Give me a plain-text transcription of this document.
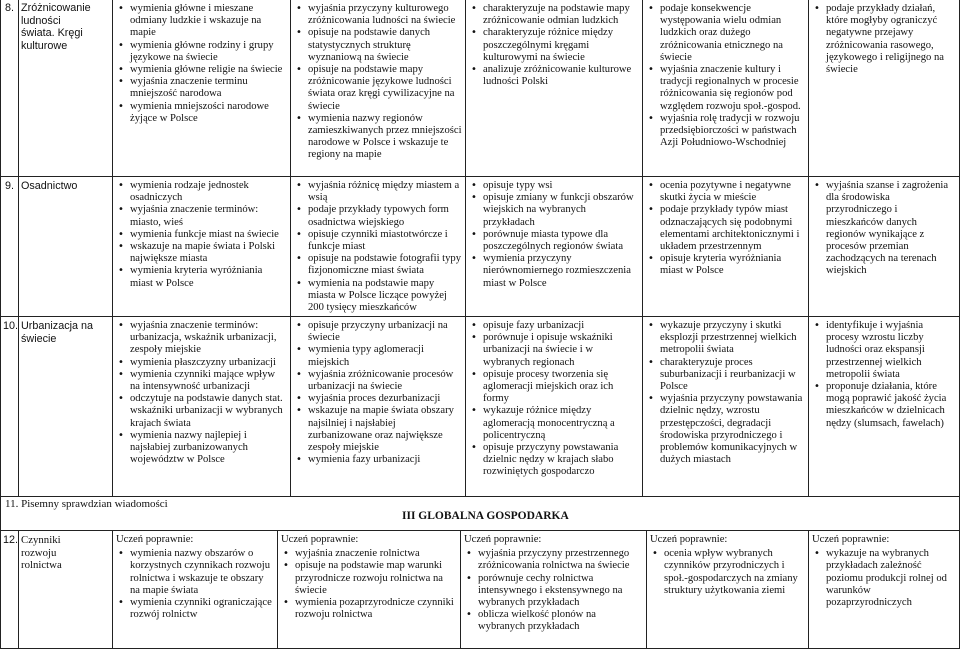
8. Zróżnicowanie ludności
świata. Kręgi
kulturowe
• wymienia główne i mieszane odmiany ludzkie i wskazuje na mapie
• wymienia główne rodziny i grupy językowe na świecie
• wymienia główne religie na świecie
• wyjaśnia znaczenie terminu mniejszość narodowa
• wymienia mniejszości narodowe żyjące w Polsce
• wyjaśnia przyczyny kulturowego zróżnicowania ludności na świecie
• opisuje na podstawie danych statystycznych strukturę wyznaniową na świecie
• opisuje na podstawie mapy zróżnicowanie językowe ludności świata oraz kręgi cywilizacyjne na świecie
• wymienia nazwy regionów zamieszkiwanych przez mniejszości narodowe w Polsce i wskazuje te regiony na mapie
• charakteryzuje na podstawie mapy zróżnicowanie odmian ludzkich
• charakteryzuje różnice między poszczególnymi kręgami kulturowymi na świecie
• analizuje zróżnicowanie kulturowe ludności Polski
• podaje konsekwencje występowania wielu odmian ludzkich oraz dużego zróżnicowania etnicznego na świecie
• wyjaśnia znaczenie kultury i tradycji regionalnych w procesie różnicowania się regionów pod względem rozwoju społ.-gospod.
• wyjaśnia rolę tradycji w rozwoju przedsiębiorczości w państwach Azji Południowo-Wschodniej
• podaje przykłady działań, które mogłyby ograniczyć negatywne przejawy zróżnicowania rasowego, językowego i religijnego na świecie
9. Osadnictwo
•	wymienia rodzaje jednostek osadniczych
• wyjaśnia znaczenie terminów: miasto, wieś
• wymienia funkcje miast na świecie
• wskazuje na mapie świata i Polski największe miasta
• wymienia kryteria wyróżniania miast w Polsce
• wyjaśnia różnicę między miastem a wsią
• podaje przykłady typowych form osadnictwa wiejskiego
• opisuje czynniki miastotwórcze i funkcje miast
• opisuje na podstawie fotografii typy fizjonomiczne miast świata
• wymienia na podstawie mapy miasta w Polsce liczące powyżej 200 tysięcy mieszkańców
• opisuje typy wsi
• opisuje zmiany w funkcji obszarów wiejskich na wybranych przykładach
• porównuje miasta typowe dla poszczególnych regionów świata
• wymienia przyczyny nierównomiernego rozmieszczenia miast w Polsce
• ocenia pozytywne i negatywne skutki życia w mieście
• podaje przykłady typów miast odznaczających się podobnymi elementami architektonicznymi i układem przestrzennym
• opisuje kryteria wyróżniania miast w Polsce
• wyjaśnia szanse i zagrożenia dla środowiska przyrodniczego i mieszkańców danych regionów wynikające z procesów przemian zachodzących na terenach wiejskich
10. Urbanizacja na
świecie
• wyjaśnia znaczenie terminów: urbanizacja, wskaźnik urbanizacji, zespoły miejskie
• wymienia płaszczyzny urbanizacji
• wymienia czynniki mające wpływ na intensywność urbanizacji
• odczytuje na podstawie danych stat. wskaźniki urbanizacji w wybranych krajach świata
• wymienia nazwy najlepiej i najsłabiej zurbanizowanych województw w Polsce
• opisuje przyczyny urbanizacji na świecie
• wymienia typy aglomeracji miejskich
• wyjaśnia zróżnicowanie procesów urbanizacji na świecie
• wyjaśnia proces dezurbanizacji
• wskazuje na mapie świata obszary najsilniej i najsłabiej zurbanizowane oraz największe zespoły miejskie
• wymienia fazy urbanizacji
• opisuje fazy urbanizacji
• porównuje i opisuje wskaźniki urbanizacji na świecie i w wybranych regionach
• opisuje procesy tworzenia się aglomeracji miejskich oraz ich formy
• wykazuje różnice między aglomeracją monocentryczną a policentryczną
• opisuje przyczyny powstawania dzielnic nędzy w krajach słabo rozwiniętych gospodarczo
• wykazuje przyczyny i skutki eksplozji przestrzennej wielkich metropolii świata
• charakteryzuje proces suburbanizacji i reurbanizacji w Polsce
• wyjaśnia przyczyny powstawania dzielnic nędzy, wzrostu przestępczości, degradacji środowiska przyrodniczego i problemów komunikacyjnych w dużych miastach
• identyfikuje i wyjaśnia procesy wzrostu liczby ludności oraz ekspansji przestrzennej wielkich metropolii świata
• proponuje działania, które mogą poprawić jakość życia mieszkańców w dzielnicach nędzy (slumsach, fawelach)
11. Pisemny sprawdzian wiadomości
III GLOBALNA GOSPODARKA
12. Czynniki
rozwoju
rolnictwa
Uczeń poprawnie:
• wymienia nazwy obszarów o korzystnych czynnikach rozwoju rolnictwa i wskazuje te obszary na mapie świata
• wymienia czynniki ograniczające rozwój rolnictw
Uczeń poprawnie:
• wyjaśnia znaczenie rolnictwa
• opisuje na podstawie map warunki przyrodnicze rozwoju rolnictwa na świecie
• wymienia pozaprzyrodnicze czynniki rozwoju rolnictwa
Uczeń poprawnie:
• wyjaśnia przyczyny przestrzennego zróżnicowania rolnictwa na świecie
• porównuje cechy rolnictwa intensywnego i ekstensywnego na wybranych przykładach
• oblicza wielkość plonów na wybranych przykładach
Uczeń poprawnie:
• ocenia wpływ wybranych czynników przyrodniczych i społ.-gospodarczych na zmiany struktury użytkowania ziemi
Uczeń poprawnie:
• wykazuje na wybranych przykładach zależność poziomu produkcji rolnej od warunków pozaprzyrodniczych
